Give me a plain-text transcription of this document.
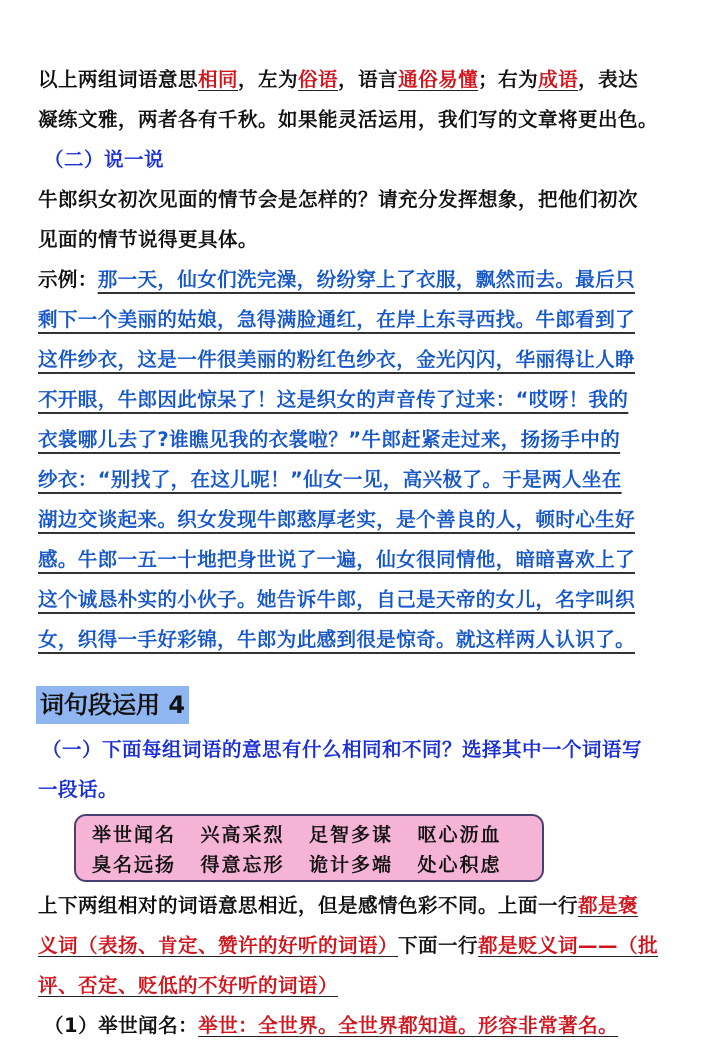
以上两组词语意思相同，左为俗语，语言通俗易懂；右为成语，表达
凝练文雅，两者各有千秋。如果能灵活运用，我们写的文章将更出色。
（二）说一说
牛郎织女初次见面的情节会是怎样的？请充分发挥想象，把他们初次
见面的情节说得更具体。
示例：那一天，仙女们洗完澡，纷纷穿上了衣服，飘然而去。最后只
剩下一个美丽的姑娘，急得满脸通红，在岸上东寻西找。牛郎看到了
这件纱衣，这是一件很美丽的粉红色纱衣，金光闪闪，华丽得让人睁
不开眼，牛郎因此惊呆了！这是织女的声音传了过来：“哎呀！我的
衣裳哪儿去了?谁瞧见我的衣裳啦？”牛郎赶紧走过来，扬扬手中的
纱衣：“别找了，在这儿呢！”仙女一见，高兴极了。于是两人坐在
湖边交谈起来。织女发现牛郎憨厚老实，是个善良的人，顿时心生好
感。牛郎一五一十地把身世说了一遍，仙女很同情他，暗暗喜欢上了
这个诚恳朴实的小伙子。她告诉牛郎，自己是天帝的女儿，名字叫织
女，织得一手好彩锦，牛郎为此感到很是惊奇。就这样两人认识了。
词句段运用 4
（一）下面每组词语的意思有什么相同和不同？选择其中一个词语写
一段话。
举世闻名	兴高采烈	足智多谋	呕心沥血
臭名远扬	得意忘形	诡计多端	处心积虑
上下两组相对的词语意思相近，但是感情色彩不同。上面一行都是褒
义词（表扬、肯定、赞许的好听的词语）下面一行都是贬义词——（批
评、否定、贬低的不好听的词语）
（1）举世闻名：举世：全世界。全世界都知道。形容非常著名。
